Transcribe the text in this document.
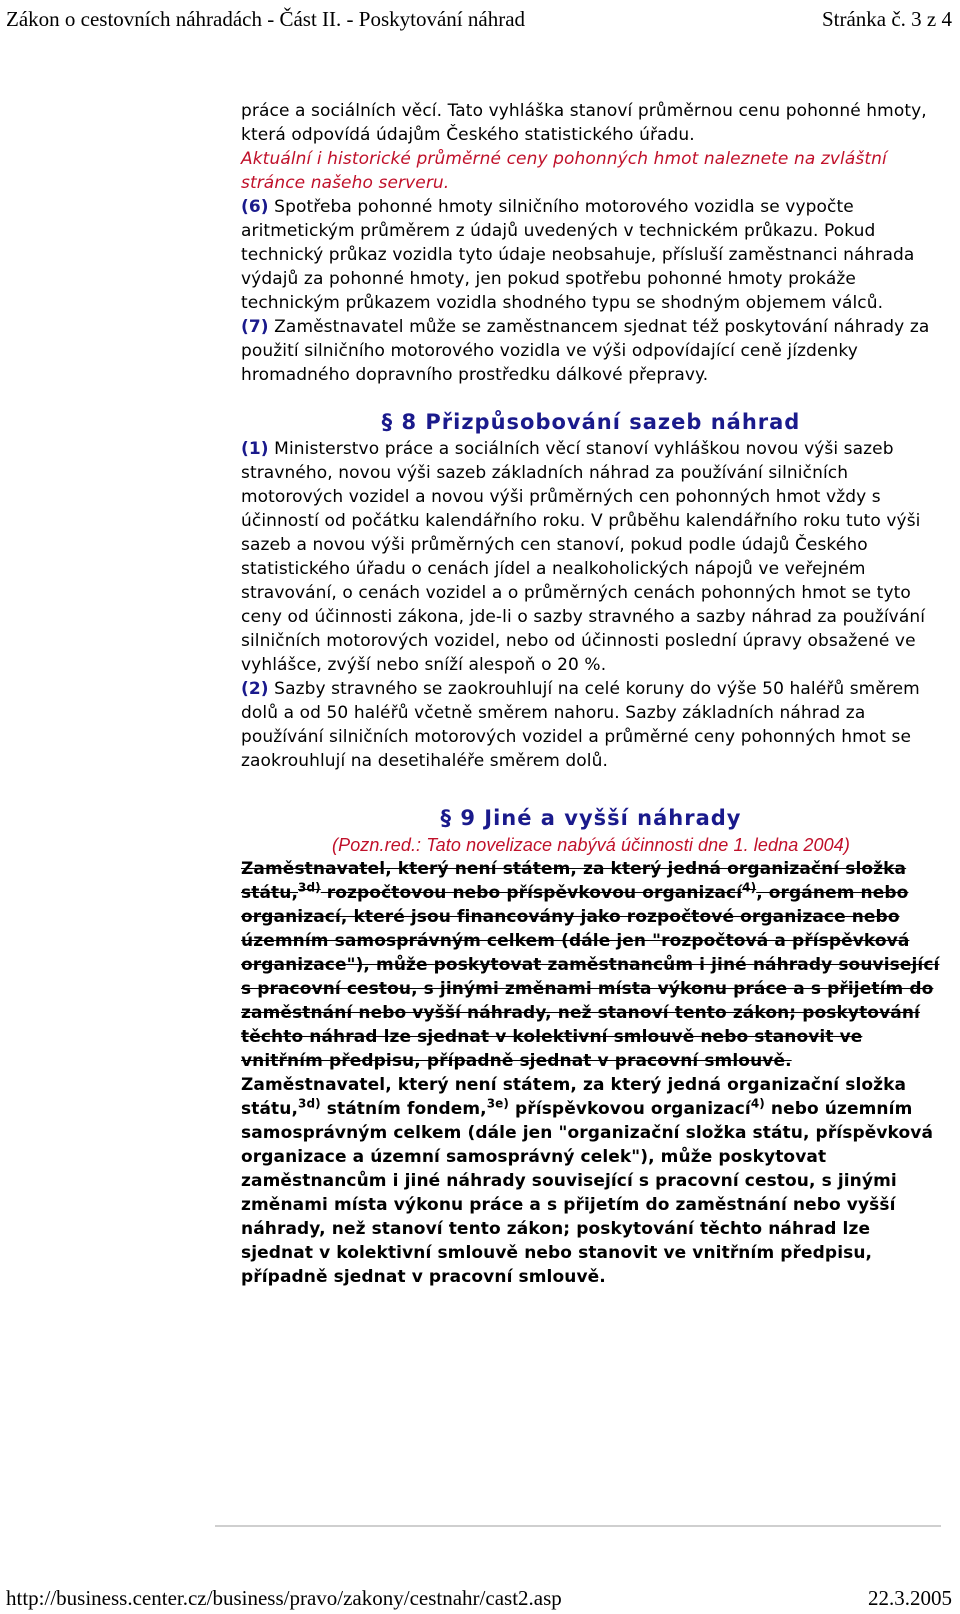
Zákon o cestovních náhradách - Část II. - Poskytování náhrad	Stránka č. 3 z 4

práce a sociálních věcí. Tato vyhláška stanoví průměrnou cenu pohonné hmoty, která odpovídá údajům Českého statistického úřadu.

Aktuální i historické průměrné ceny pohonných hmot naleznete na zvláštní stránce našeho serveru.

(6) Spotřeba pohonné hmoty silničního motorového vozidla se vypočte aritmetickým průměrem z údajů uvedených v technickém průkazu. Pokud technický průkaz vozidla tyto údaje neobsahuje, přísluší zaměstnanci náhrada výdajů za pohonné hmoty, jen pokud spotřebu pohonné hmoty prokáže technickým průkazem vozidla shodného typu se shodným objemem válců.

(7) Zaměstnavatel může se zaměstnancem sjednat též poskytování náhrady za použití silničního motorového vozidla ve výši odpovídající ceně jízdenky hromadného dopravního prostředku dálkové přepravy.

§ 8 Přizpůsobování sazeb náhrad

(1) Ministerstvo práce a sociálních věcí stanoví vyhláškou novou výši sazeb stravného, novou výši sazeb základních náhrad za používání silničních motorových vozidel a novou výši průměrných cen pohonných hmot vždy s účinností od počátku kalendářního roku. V průběhu kalendářního roku tuto výši sazeb a novou výši průměrných cen stanoví, pokud podle údajů Českého statistického úřadu o cenách jídel a nealkoholických nápojů ve veřejném stravování, o cenách vozidel a o průměrných cenách pohonných hmot se tyto ceny od účinnosti zákona, jde-li o sazby stravného a sazby náhrad za používání silničních motorových vozidel, nebo od účinnosti poslední úpravy obsažené ve vyhlášce, zvýší nebo sníží alespoň o 20 %.

(2) Sazby stravného se zaokrouhlují na celé koruny do výše 50 haléřů směrem dolů a od 50 haléřů včetně směrem nahoru. Sazby základních náhrad za používání silničních motorových vozidel a průměrné ceny pohonných hmot se zaokrouhlují na desetihaléře směrem dolů.

§ 9 Jiné a vyšší náhrady

(Pozn.red.: Tato novelizace nabývá účinnosti dne 1. ledna 2004)

Zaměstnavatel, který není státem, za který jedná organizační složka státu,$^{3d)}$ rozpočtovou nebo příspěvkovou organizací$^{4)}$, orgánem nebo organizací, které jsou financovány jako rozpočtové organizace nebo územním samosprávným celkem (dále jen "rozpočtová a příspěvková organizace"), může poskytovat zaměstnancům i jiné náhrady související s pracovní cestou, s jinými změnami místa výkonu práce a s přijetím do zaměstnání nebo vyšší náhrady, než stanoví tento zákon; poskytování těchto náhrad lze sjednat v kolektivní smlouvě nebo stanovit ve vnitřním předpisu, případně sjednat v pracovní smlouvě.

Zaměstnavatel, který není státem, za který jedná organizační složka státu,$^{3d)}$ státním fondem,$^{3e)}$ příspěvkovou organizací$^{4)}$ nebo územním samosprávným celkem (dále jen "organizační složka státu, příspěvková organizace a územní samosprávný celek"), může poskytovat zaměstnancům i jiné náhrady související s pracovní cestou, s jinými změnami místa výkonu práce a s přijetím do zaměstnání nebo vyšší náhrady, než stanoví tento zákon; poskytování těchto náhrad lze sjednat v kolektivní smlouvě nebo stanovit ve vnitřním předpisu, případně sjednat v pracovní smlouvě.

http://business.center.cz/business/pravo/zakony/cestnahr/cast2.asp	22.3.2005
